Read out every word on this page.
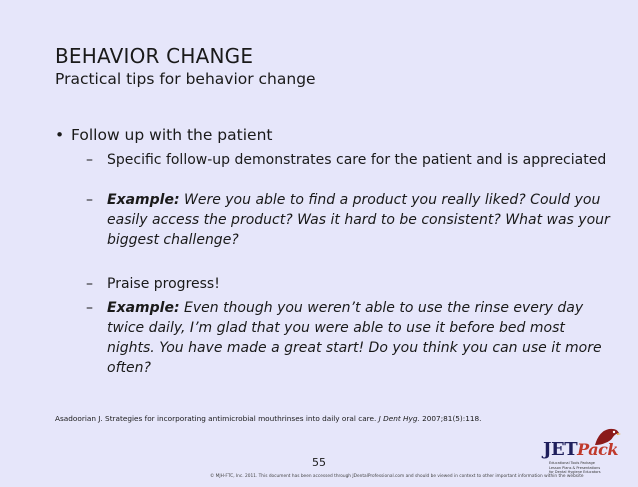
BEHAVIOR CHANGE
Practical tips for behavior change
• Follow up with the patient
– Specific follow-up demonstrates care for the patient and is appreciated
– Example: Were you able to find a product you really liked? Could you easily access the product? Was it hard to be consistent? What was your biggest challenge?
– Praise progress!
– Example: Even though you weren’t able to use the rinse every day twice daily, I’m glad that you were able to use it before bed most nights. You have made a great start! Do you think you can use it more often?
Asadoorian J. Strategies for incorporating antimicrobial mouthrinses into daily oral care. J Dent Hyg. 2007;81(5):118.
55
© MJH-FTC, Inc. 2011. This document has been accessed through JDentalProfessional.com and should be viewed in context to other important information within the website
JETPack
Educational Tools Package
Lesson Plans & Presentations
for Dental Hygiene Educators
